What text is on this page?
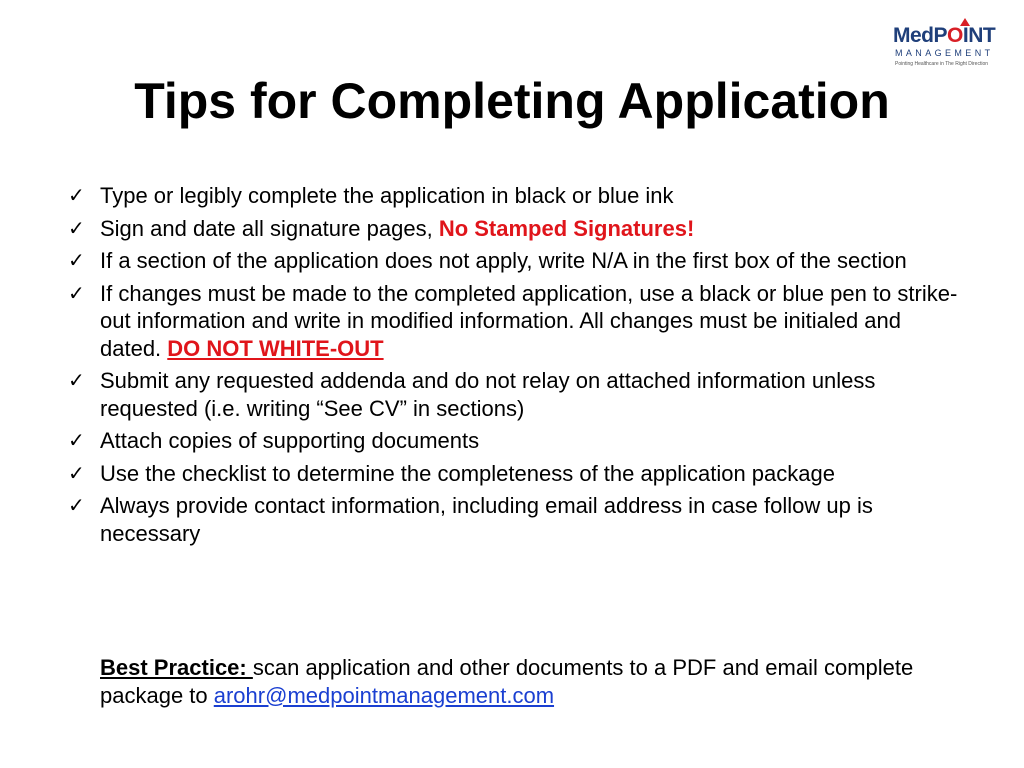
MedPOINT
MANAGEMENT
Pointing Healthcare in The Right Direction
Tips for Completing Application
✓ Type or legibly complete the application in black or blue ink
✓ Sign and date all signature pages, No Stamped Signatures!
✓ If a section of the application does not apply, write N/A in the first box of the section
✓ If changes must be made to the completed application, use a black or blue pen to strike-out information and write in modified information. All changes must be initialed and dated. DO NOT WHITE-OUT
✓ Submit any requested addenda and do not relay on attached information unless requested (i.e. writing “See CV” in sections)
✓ Attach copies of supporting documents
✓ Use the checklist to determine the completeness of the application package
✓ Always provide contact information, including email address in case follow up is necessary
Best Practice: scan application and other documents to a PDF and email complete package to arohr@medpointmanagement.com
